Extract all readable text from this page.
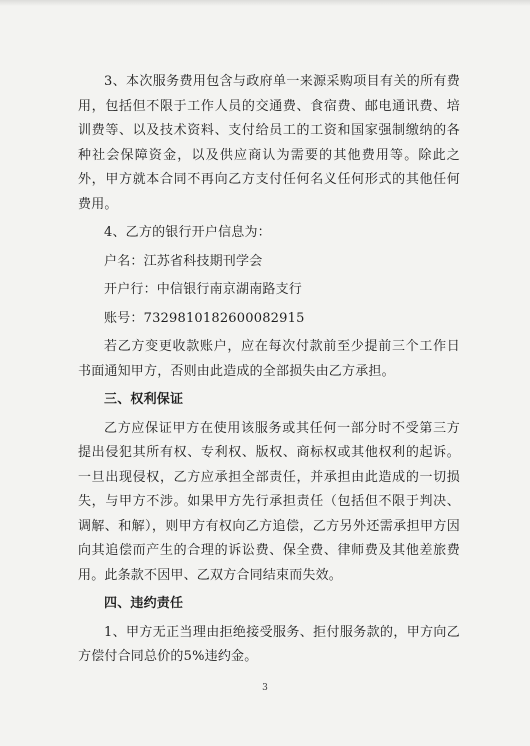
3、本次服务费用包含与政府单一来源采购项目有关的所有费用，包括但不限于工作人员的交通费、食宿费、邮电通讯费、培训费等、以及技术资料、支付给员工的工资和国家强制缴纳的各种社会保障资金，以及供应商认为需要的其他费用等。除此之外，甲方就本合同不再向乙方支付任何名义任何形式的其他任何费用。

4、乙方的银行开户信息为：

户名：江苏省科技期刊学会

开户行：中信银行南京湖南路支行

账号：7329810182600082915

若乙方变更收款账户，应在每次付款前至少提前三个工作日书面通知甲方，否则由此造成的全部损失由乙方承担。

三、权利保证

乙方应保证甲方在使用该服务或其任何一部分时不受第三方提出侵犯其所有权、专利权、版权、商标权或其他权利的起诉。一旦出现侵权，乙方应承担全部责任，并承担由此造成的一切损失，与甲方不涉。如果甲方先行承担责任（包括但不限于判决、调解、和解），则甲方有权向乙方追偿，乙方另外还需承担甲方因向其追偿而产生的合理的诉讼费、保全费、律师费及其他差旅费用。此条款不因甲、乙双方合同结束而失效。

四、违约责任

1、甲方无正当理由拒绝接受服务、拒付服务款的，甲方向乙方偿付合同总价的5%违约金。

3
